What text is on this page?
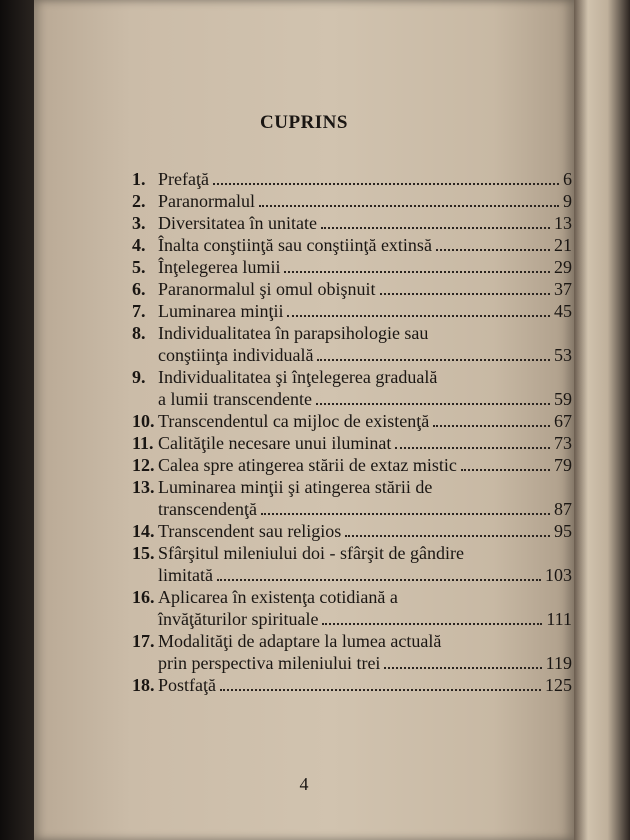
CUPRINS
1. Prefaţă	6
2. Paranormalul	9
3. Diversitatea în unitate	13
4. Înalta conştiinţă sau conştiinţă extinsă	21
5. Înţelegerea lumii	29
6. Paranormalul şi omul obişnuit	37
7. Luminarea minţii	45
8. Individualitatea în parapsihologie sau
conştiinţa individuală	53
9. Individualitatea şi înţelegerea graduală
a lumii transcendente	59
10. Transcendentul ca mijloc de existenţă	67
11. Calităţile necesare unui iluminat	73
12. Calea spre atingerea stării de extaz mistic	79
13. Luminarea minţii şi atingerea stării de
transcendenţă	87
14. Transcendent sau religios	95
15. Sfârşitul mileniului doi - sfârşit de gândire
limitată	103
16. Aplicarea în existenţa cotidiană a
învăţăturilor spirituale	111
17. Modalităţi de adaptare la lumea actuală
prin perspectiva mileniului trei	119
18. Postfaţă	125
4
